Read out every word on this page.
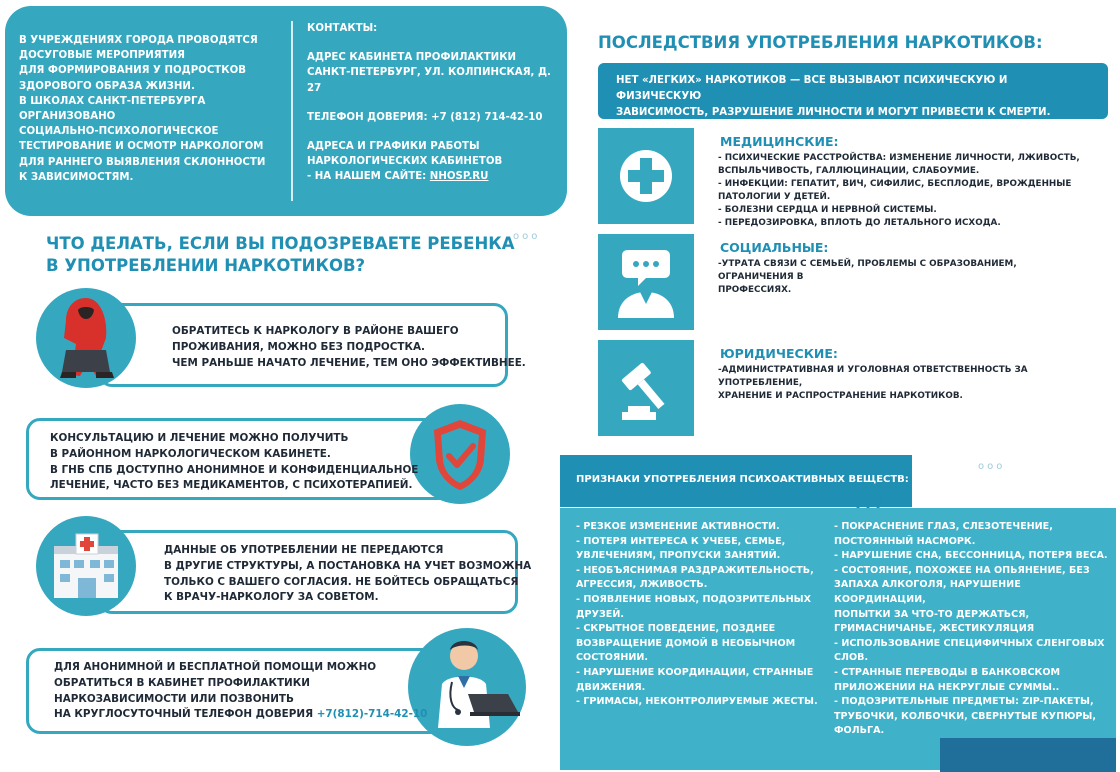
В УЧРЕЖДЕНИЯХ ГОРОДА ПРОВОДЯТСЯ
ДОСУГОВЫЕ МЕРОПРИЯТИЯ
ДЛЯ ФОРМИРОВАНИЯ У ПОДРОСТКОВ
ЗДОРОВОГО ОБРАЗА ЖИЗНИ.
В ШКОЛАХ САНКТ-ПЕТЕРБУРГА ОРГАНИЗОВАНО
СОЦИАЛЬНО-ПСИХОЛОГИЧЕСКОЕ
ТЕСТИРОВАНИЕ И ОСМОТР НАРКОЛОГОМ
ДЛЯ РАННЕГО ВЫЯВЛЕНИЯ СКЛОННОСТИ
К ЗАВИСИМОСТЯМ.
КОНТАКТЫ:
АДРЕС КАБИНЕТА ПРОФИЛАКТИКИ
САНКТ-ПЕТЕРБУРГ, УЛ. КОЛПИНСКАЯ, Д. 27
ТЕЛЕФОН ДОВЕРИЯ: +7 (812) 714-42-10
АДРЕСА И ГРАФИКИ РАБОТЫ
НАРКОЛОГИЧЕСКИХ КАБИНЕТОВ
- НА НАШЕМ САЙТЕ: NHOSP.RU
ЧТО ДЕЛАТЬ, ЕСЛИ ВЫ ПОДОЗРЕВАЕТЕ РЕБЕНКА
В УПОТРЕБЛЕНИИ НАРКОТИКОВ?
ooo
ОБРАТИТЕСЬ К НАРКОЛОГУ В РАЙОНЕ ВАШЕГО
ПРОЖИВАНИЯ, МОЖНО БЕЗ ПОДРОСТКА.
ЧЕМ РАНЬШЕ НАЧАТО ЛЕЧЕНИЕ, ТЕМ ОНО ЭФФЕКТИВНЕЕ.
КОНСУЛЬТАЦИЮ И ЛЕЧЕНИЕ МОЖНО ПОЛУЧИТЬ
В РАЙОННОМ НАРКОЛОГИЧЕСКОМ КАБИНЕТЕ.
В ГНБ СПБ ДОСТУПНО АНОНИМНОЕ И КОНФИДЕНЦИАЛЬНОЕ
ЛЕЧЕНИЕ, ЧАСТО БЕЗ МЕДИКАМЕНТОВ, С ПСИХОТЕРАПИЕЙ.
ДАННЫЕ ОБ УПОТРЕБЛЕНИИ НЕ ПЕРЕДАЮТСЯ
В ДРУГИЕ СТРУКТУРЫ, А ПОСТАНОВКА НА УЧЕТ ВОЗМОЖНА
ТОЛЬКО С ВАШЕГО СОГЛАСИЯ. НЕ БОЙТЕСЬ ОБРАЩАТЬСЯ
К ВРАЧУ-НАРКОЛОГУ ЗА СОВЕТОМ.
ДЛЯ АНОНИМНОЙ И БЕСПЛАТНОЙ ПОМОЩИ МОЖНО
ОБРАТИТЬСЯ В КАБИНЕТ ПРОФИЛАКТИКИ
НАРКОЗАВИСИМОСТИ ИЛИ ПОЗВОНИТЬ
НА КРУГЛОСУТОЧНЫЙ ТЕЛЕФОН ДОВЕРИЯ +7(812)-714-42-10
ПОСЛЕДСТВИЯ УПОТРЕБЛЕНИЯ НАРКОТИКОВ:
НЕТ «ЛЕГКИХ» НАРКОТИКОВ — ВСЕ ВЫЗЫВАЮТ ПСИХИЧЕСКУЮ И ФИЗИЧЕСКУЮ
ЗАВИСИМОСТЬ, РАЗРУШЕНИЕ ЛИЧНОСТИ И МОГУТ ПРИВЕСТИ К СМЕРТИ.
МЕДИЦИНСКИЕ:
- ПСИХИЧЕСКИЕ РАССТРОЙСТВА: ИЗМЕНЕНИЕ ЛИЧНОСТИ, ЛЖИВОСТЬ,
ВСПЫЛЬЧИВОСТЬ, ГАЛЛЮЦИНАЦИИ, СЛАБОУМИЕ.
- ИНФЕКЦИИ: ГЕПАТИТ, ВИЧ, СИФИЛИС, БЕСПЛОДИЕ, ВРОЖДЕННЫЕ
ПАТОЛОГИИ У ДЕТЕЙ.
- БОЛЕЗНИ СЕРДЦА И НЕРВНОЙ СИСТЕМЫ.
- ПЕРЕДОЗИРОВКА, ВПЛОТЬ ДО ЛЕТАЛЬНОГО ИСХОДА.
СОЦИАЛЬНЫЕ:
-УТРАТА СВЯЗИ С СЕМЬЕЙ, ПРОБЛЕМЫ С ОБРАЗОВАНИЕМ, ОГРАНИЧЕНИЯ В
ПРОФЕССИЯХ.
ЮРИДИЧЕСКИЕ:
-АДМИНИСТРАТИВНАЯ И УГОЛОВНАЯ ОТВЕТСТВЕННОСТЬ ЗА УПОТРЕБЛЕНИЕ,
ХРАНЕНИЕ И РАСПРОСТРАНЕНИЕ НАРКОТИКОВ.
ПРИЗНАКИ УПОТРЕБЛЕНИЯ ПСИХОАКТИВНЫХ ВЕЩЕСТВ:
ooo
- РЕЗКОЕ ИЗМЕНЕНИЕ АКТИВНОСТИ.
- ПОТЕРЯ ИНТЕРЕСА К УЧЕБЕ, СЕМЬЕ,
УВЛЕЧЕНИЯМ, ПРОПУСКИ ЗАНЯТИЙ.
- НЕОБЪЯСНИМАЯ РАЗДРАЖИТЕЛЬНОСТЬ,
АГРЕССИЯ, ЛЖИВОСТЬ.
- ПОЯВЛЕНИЕ НОВЫХ, ПОДОЗРИТЕЛЬНЫХ
ДРУЗЕЙ.
- СКРЫТНОЕ ПОВЕДЕНИЕ, ПОЗДНЕЕ
ВОЗВРАЩЕНИЕ ДОМОЙ В НЕОБЫЧНОМ
СОСТОЯНИИ.
- НАРУШЕНИЕ КООРДИНАЦИИ, СТРАННЫЕ
ДВИЖЕНИЯ.
- ГРИМАСЫ, НЕКОНТРОЛИРУЕМЫЕ ЖЕСТЫ.
- ПОКРАСНЕНИЕ ГЛАЗ, СЛЕЗОТЕЧЕНИЕ,
ПОСТОЯННЫЙ НАСМОРК.
- НАРУШЕНИЕ СНА, БЕССОННИЦА, ПОТЕРЯ ВЕСА.
- СОСТОЯНИЕ, ПОХОЖЕЕ НА ОПЬЯНЕНИЕ, БЕЗ
ЗАПАХА АЛКОГОЛЯ, НАРУШЕНИЕ КООРДИНАЦИИ,
ПОПЫТКИ ЗА ЧТО-ТО ДЕРЖАТЬСЯ,
ГРИМАСНИЧАНЬЕ, ЖЕСТИКУЛЯЦИЯ
- ИСПОЛЬЗОВАНИЕ СПЕЦИФИЧНЫХ СЛЕНГОВЫХ
СЛОВ.
- СТРАННЫЕ ПЕРЕВОДЫ В БАНКОВСКОМ
ПРИЛОЖЕНИИ НА НЕКРУГЛЫЕ СУММЫ..
- ПОДОЗРИТЕЛЬНЫЕ ПРЕДМЕТЫ: ZIP-ПАКЕТЫ,
ТРУБОЧКИ, КОЛБОЧКИ, СВЕРНУТЫЕ КУПЮРЫ,
ФОЛЬГА.
